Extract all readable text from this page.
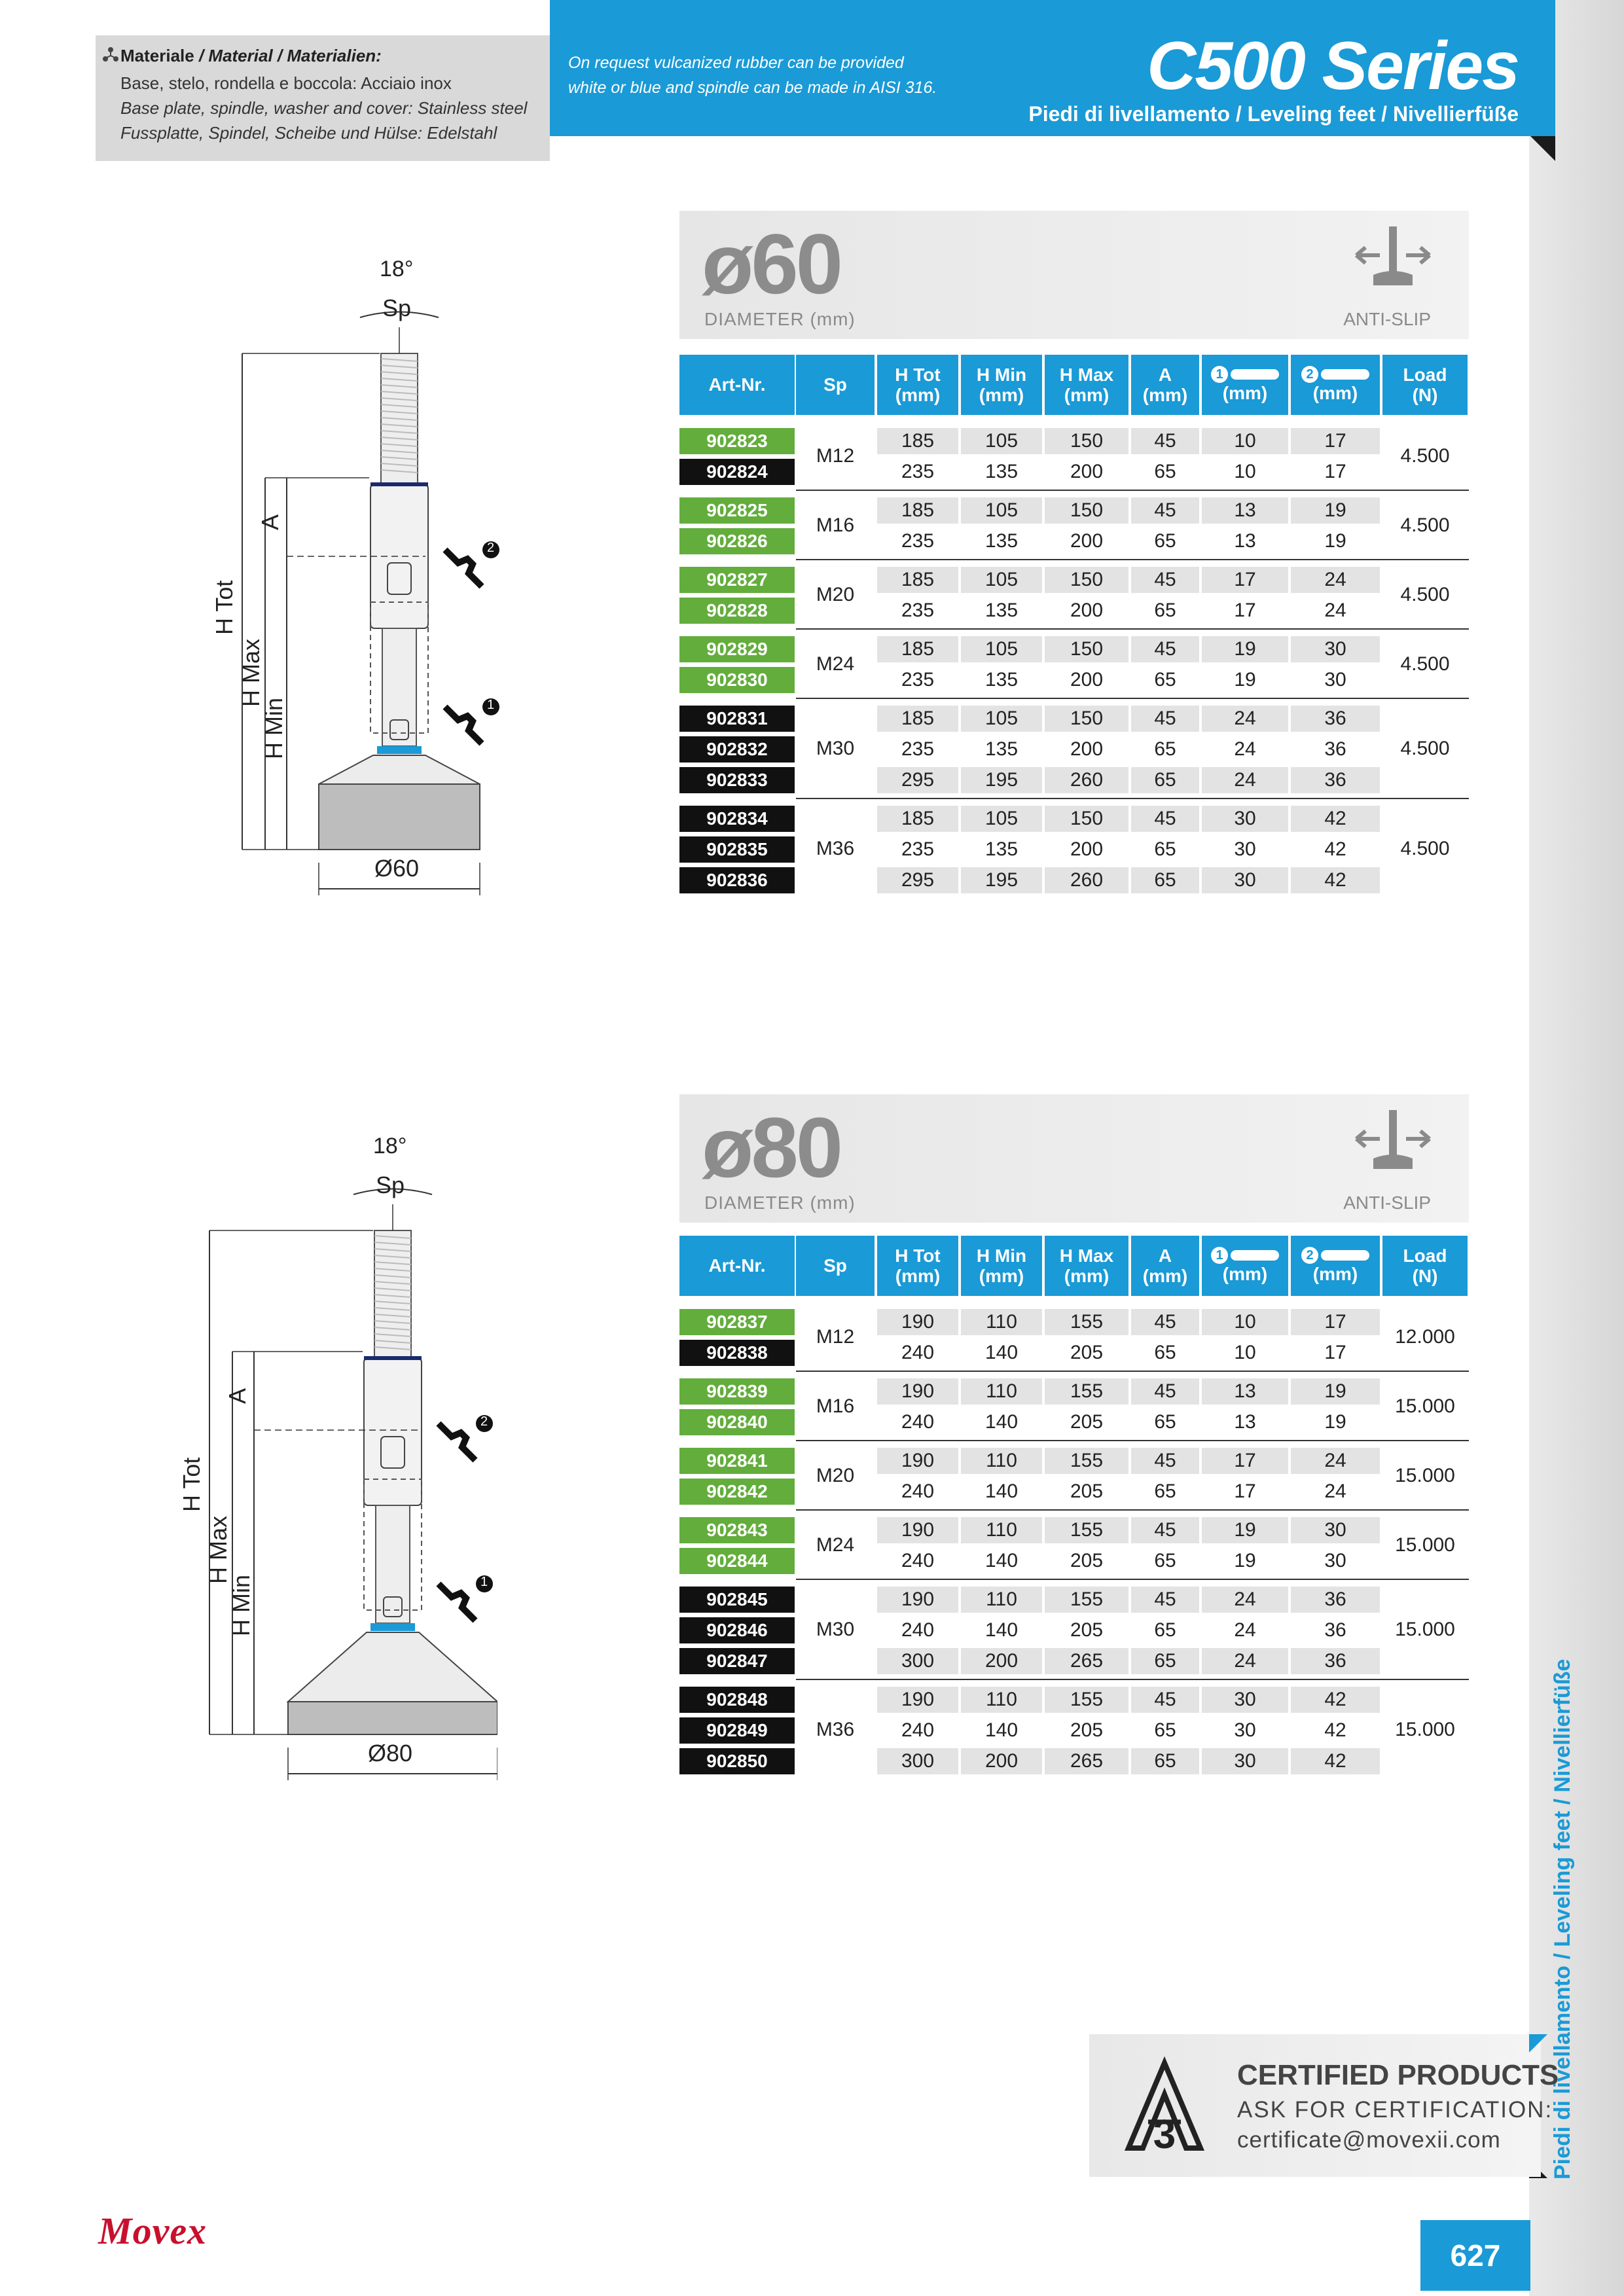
Piedi di livellamento / Leveling feet / Nivellierfüße
Materiale / Material / Materialien:
Base, stelo, rondella e boccola: Acciaio inox
Base plate, spindle, washer and cover: Stainless steel
Fussplatte, Spindel, Scheibe und Hülse: Edelstahl
On request vulcanized rubber can be provided
white or blue and spindle can be made in AISI 316.	C500 Series
Piedi di livellamento / Leveling feet / Nivellierfüße
ø60
DIAMETER (mm)	ANTI-SLIP
Art-Nr.	Sp
H Tot
(mm)
H Min
(mm)
H Max
(mm)
A
(mm)
1
(mm)
2
(mm)
Load
(N)
902823	185	105	150	45	10	17
902824	235	135	200	65	10	17
M12	4.500
902825	185	105	150	45	13	19
902826	235	135	200	65	13	19
M16	4.500
902827	185	105	150	45	17	24
902828	235	135	200	65	17	24
M20	4.500
902829	185	105	150	45	19	30
902830	235	135	200	65	19	30
M24	4.500
902831	185	105	150	45	24	36
902832	235	135	200	65	24	36
902833	295	195	260	65	24	36
M30	4.500
902834	185	105	150	45	30	42
902835	235	135	200	65	30	42
902836	295	195	260	65	30	42
M36	4.500
18°
Sp
H Tot
H Max
H Min
A
Ø60
2
1
ø80
DIAMETER (mm)	ANTI-SLIP
Art-Nr.	Sp
H Tot
(mm)
H Min
(mm)
H Max
(mm)
A
(mm)
1
(mm)
2
(mm)
Load
(N)
902837	190	110	155	45	10	17
902838	240	140	205	65	10	17
M12	12.000
902839	190	110	155	45	13	19
902840	240	140	205	65	13	19
M16	15.000
902841	190	110	155	45	17	24
902842	240	140	205	65	17	24
M20	15.000
902843	190	110	155	45	19	30
902844	240	140	205	65	19	30
M24	15.000
902845	190	110	155	45	24	36
902846	240	140	205	65	24	36
902847	300	200	265	65	24	36
M30	15.000
902848	190	110	155	45	30	42
902849	240	140	205	65	30	42
902850	300	200	265	65	30	42
M36	15.000
18°
Sp
H Tot
H Max
H Min
A
Ø80
2
1
3
CERTIFIED PRODUCTS
ASK FOR CERTIFICATION:
certificate@movexii.com
Movex
627
